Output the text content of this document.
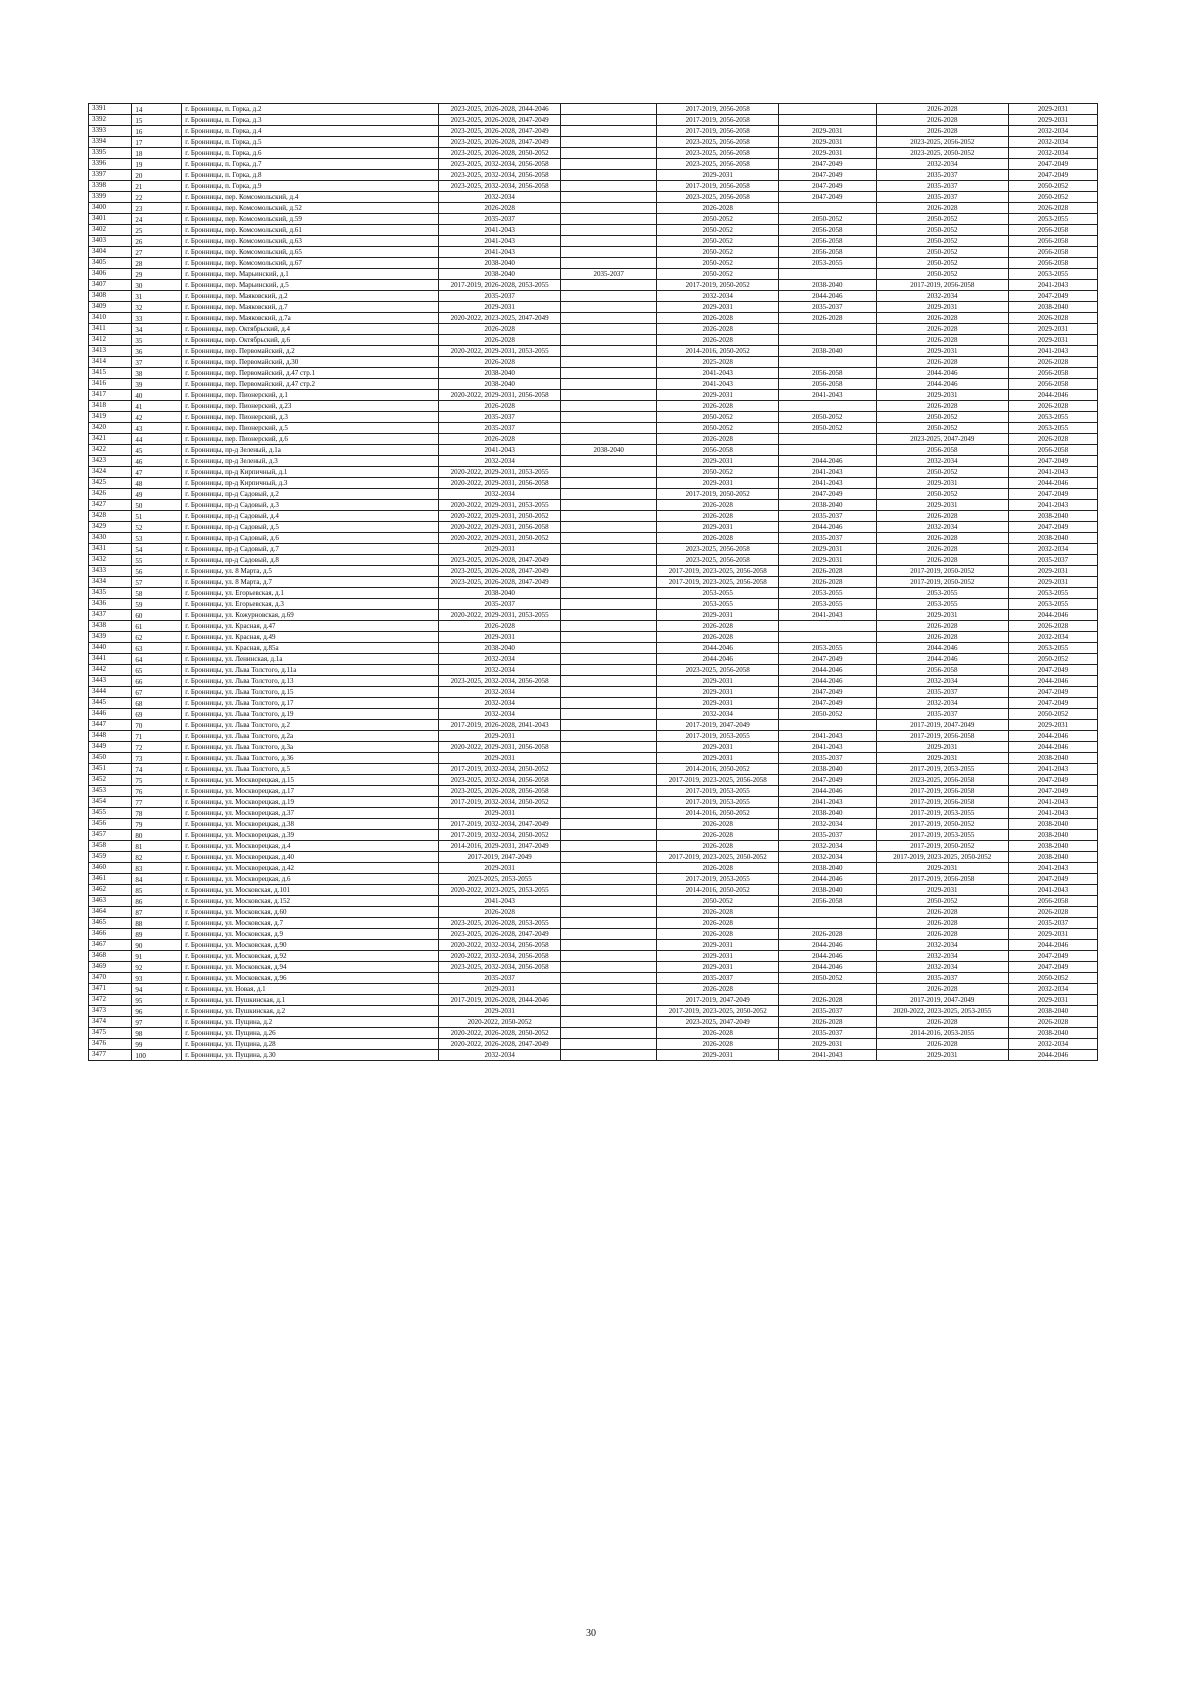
3391	14	г. Бронницы, п. Горка, д.2	2023-2025, 2026-2028, 2044-2046		2017-2019, 2056-2058		2026-2028	2029-2031
3392	15	г. Бронницы, п. Горка, д.3	2023-2025, 2026-2028, 2047-2049		2017-2019, 2056-2058		2026-2028	2029-2031
3393	16	г. Бронницы, п. Горка, д.4	2023-2025, 2026-2028, 2047-2049		2017-2019, 2056-2058	2029-2031	2026-2028	2032-2034
3394	17	г. Бронницы, п. Горка, д.5	2023-2025, 2026-2028, 2047-2049		2023-2025, 2056-2058	2029-2031	2023-2025, 2056-2052	2032-2034
3395	18	г. Бронницы, п. Горка, д.6	2023-2025, 2026-2028, 2050-2052		2023-2025, 2056-2058	2029-2031	2023-2025, 2050-2052	2032-2034
3396	19	г. Бронницы, п. Горка, д.7	2023-2025, 2032-2034, 2056-2058		2023-2025, 2056-2058	2047-2049	2032-2034	2047-2049
3397	20	г. Бронницы, п. Горка, д.8	2023-2025, 2032-2034, 2056-2058		2029-2031	2047-2049	2035-2037	2047-2049
3398	21	г. Бронницы, п. Горка, д.9	2023-2025, 2032-2034, 2056-2058		2017-2019, 2056-2058	2047-2049	2035-2037	2050-2052
3399	22	г. Бронницы, пер. Комсомольский, д.4	2032-2034		2023-2025, 2056-2058	2047-2049	2035-2037	2050-2052
3400	23	г. Бронницы, пер. Комсомольский, д.52	2026-2028		2026-2028		2026-2028	2026-2028
3401	24	г. Бронницы, пер. Комсомольский, д.59	2035-2037		2050-2052	2050-2052	2050-2052	2053-2055
3402	25	г. Бронницы, пер. Комсомольский, д.61	2041-2043		2050-2052	2056-2058	2050-2052	2056-2058
3403	26	г. Бронницы, пер. Комсомольский, д.63	2041-2043		2050-2052	2056-2058	2050-2052	2056-2058
3404	27	г. Бронницы, пер. Комсомольский, д.65	2041-2043		2050-2052	2056-2058	2050-2052	2056-2058
3405	28	г. Бронницы, пер. Комсомольский, д.67	2038-2040		2050-2052	2053-2055	2050-2052	2056-2058
3406	29	г. Бронницы, пер. Марьинский, д.1	2038-2040	2035-2037	2050-2052		2050-2052	2053-2055
3407	30	г. Бронницы, пер. Марьинский, д.5	2017-2019, 2026-2028, 2053-2055		2017-2019, 2050-2052	2038-2040	2017-2019, 2056-2058	2041-2043
3408	31	г. Бронницы, пер. Маяковский, д.2	2035-2037		2032-2034	2044-2046	2032-2034	2047-2049
3409	32	г. Бронницы, пер. Маяковский, д.7	2029-2031		2029-2031	2035-2037	2029-2031	2038-2040
3410	33	г. Бронницы, пер. Маяковский, д.7а	2020-2022, 2023-2025, 2047-2049		2026-2028	2026-2028	2026-2028	2026-2028
3411	34	г. Бронницы, пер. Октябрьский, д.4	2026-2028		2026-2028		2026-2028	2029-2031
3412	35	г. Бронницы, пер. Октябрьский, д.6	2026-2028		2026-2028		2026-2028	2029-2031
3413	36	г. Бронницы, пер. Первомайский, д.2	2020-2022, 2029-2031, 2053-2055		2014-2016, 2050-2052	2038-2040	2029-2031	2041-2043
3414	37	г. Бронницы, пер. Первомайский, д.30	2026-2028		2025-2028		2026-2028	2026-2028
3415	38	г. Бронницы, пер. Первомайский, д.47 стр.1	2038-2040		2041-2043	2056-2058	2044-2046	2056-2058
3416	39	г. Бронницы, пер. Первомайский, д.47 стр.2	2038-2040		2041-2043	2056-2058	2044-2046	2056-2058
3417	40	г. Бронницы, пер. Пионерский, д.1	2020-2022, 2029-2031, 2056-2058		2029-2031	2041-2043	2029-2031	2044-2046
3418	41	г. Бронницы, пер. Пионерский, д.23	2026-2028		2026-2028		2026-2028	2026-2028
3419	42	г. Бронницы, пер. Пионерский, д.3	2035-2037		2050-2052	2050-2052	2050-2052	2053-2055
3420	43	г. Бронницы, пер. Пионерский, д.5	2035-2037		2050-2052	2050-2052	2050-2052	2053-2055
3421	44	г. Бронницы, пер. Пионерский, д.6	2026-2028		2026-2028		2023-2025, 2047-2049	2026-2028
3422	45	г. Бронницы, пр-д Зеленый, д.1а	2041-2043	2038-2040	2056-2058		2056-2058	2056-2058
3423	46	г. Бронницы, пр-д Зеленый, д.3	2032-2034		2029-2031	2044-2046	2032-2034	2047-2049
3424	47	г. Бронницы, пр-д Кирпичный, д.1	2020-2022, 2029-2031, 2053-2055		2050-2052	2041-2043	2050-2052	2041-2043
3425	48	г. Бронницы, пр-д Кирпичный, д.3	2020-2022, 2029-2031, 2056-2058		2029-2031	2041-2043	2029-2031	2044-2046
3426	49	г. Бронницы, пр-д Садовый, д.2	2032-2034		2017-2019, 2050-2052	2047-2049	2050-2052	2047-2049
3427	50	г. Бронницы, пр-д Садовый, д.3	2020-2022, 2029-2031, 2053-2055		2026-2028	2038-2040	2029-2031	2041-2043
3428	51	г. Бронницы, пр-д Садовый, д.4	2020-2022, 2029-2031, 2050-2052		2026-2028	2035-2037	2026-2028	2038-2040
3429	52	г. Бронницы, пр-д Садовый, д.5	2020-2022, 2029-2031, 2056-2058		2029-2031	2044-2046	2032-2034	2047-2049
3430	53	г. Бронницы, пр-д Садовый, д.6	2020-2022, 2029-2031, 2050-2052		2026-2028	2035-2037	2026-2028	2038-2040
3431	54	г. Бронницы, пр-д Садовый, д.7	2029-2031		2023-2025, 2056-2058	2029-2031	2026-2028	2032-2034
3432	55	г. Бронницы, пр-д Садовый, д.8	2023-2025, 2026-2028, 2047-2049		2023-2025, 2056-2058	2029-2031	2026-2028	2035-2037
3433	56	г. Бронницы, ул. 8 Марта, д.5	2023-2025, 2026-2028, 2047-2049		2017-2019, 2023-2025, 2056-2058	2026-2028	2017-2019, 2050-2052	2029-2031
3434	57	г. Бронницы, ул. 8 Марта, д.7	2023-2025, 2026-2028, 2047-2049		2017-2019, 2023-2025, 2056-2058	2026-2028	2017-2019, 2050-2052	2029-2031
3435	58	г. Бронницы, ул. Егорьевская, д.1	2038-2040		2053-2055	2053-2055	2053-2055	2053-2055
3436	59	г. Бронницы, ул. Егорьевская, д.3	2035-2037		2053-2055	2053-2055	2053-2055	2053-2055
3437	60	г. Бронницы, ул. Кожурновская, д.69	2020-2022, 2029-2031, 2053-2055		2029-2031	2041-2043	2029-2031	2044-2046
3438	61	г. Бронницы, ул. Красная, д.47	2026-2028		2026-2028		2026-2028	2026-2028
3439	62	г. Бронницы, ул. Красная, д.49	2029-2031		2026-2028		2026-2028	2032-2034
3440	63	г. Бронницы, ул. Красная, д.85а	2038-2040		2044-2046	2053-2055	2044-2046	2053-2055
3441	64	г. Бронницы, ул. Ленинская, д.1а	2032-2034		2044-2046	2047-2049	2044-2046	2050-2052
3442	65	г. Бронницы, ул. Льва Толстого, д.11а	2032-2034		2023-2025, 2056-2058	2044-2046	2056-2058	2047-2049
3443	66	г. Бронницы, ул. Льва Толстого, д.13	2023-2025, 2032-2034, 2056-2058		2029-2031	2044-2046	2032-2034	2044-2046
3444	67	г. Бронницы, ул. Льва Толстого, д.15	2032-2034		2029-2031	2047-2049	2035-2037	2047-2049
3445	68	г. Бронницы, ул. Льва Толстого, д.17	2032-2034		2029-2031	2047-2049	2032-2034	2047-2049
3446	69	г. Бронницы, ул. Льва Толстого, д.19	2032-2034		2032-2034	2050-2052	2035-2037	2050-2052
3447	70	г. Бронницы, ул. Льва Толстого, д.2	2017-2019, 2026-2028, 2041-2043		2017-2019, 2047-2049		2017-2019, 2047-2049	2029-2031
3448	71	г. Бронницы, ул. Льва Толстого, д.2а	2029-2031		2017-2019, 2053-2055	2041-2043	2017-2019, 2056-2058	2044-2046
3449	72	г. Бронницы, ул. Льва Толстого, д.3а	2020-2022, 2029-2031, 2056-2058		2029-2031	2041-2043	2029-2031	2044-2046
3450	73	г. Бронницы, ул. Льва Толстого, д.36	2029-2031		2029-2031	2035-2037	2029-2031	2038-2040
3451	74	г. Бронницы, ул. Льва Толстого, д.5	2017-2019, 2032-2034, 2050-2052		2014-2016, 2050-2052	2038-2040	2017-2019, 2053-2055	2041-2043
3452	75	г. Бронницы, ул. Москворецкая, д.15	2023-2025, 2032-2034, 2056-2058		2017-2019, 2023-2025, 2056-2058	2047-2049	2023-2025, 2056-2058	2047-2049
3453	76	г. Бронницы, ул. Москворецкая, д.17	2023-2025, 2026-2028, 2056-2058		2017-2019, 2053-2055	2044-2046	2017-2019, 2056-2058	2047-2049
3454	77	г. Бронницы, ул. Москворецкая, д.19	2017-2019, 2032-2034, 2050-2052		2017-2019, 2053-2055	2041-2043	2017-2019, 2056-2058	2041-2043
3455	78	г. Бронницы, ул. Москворецкая, д.37	2029-2031		2014-2016, 2050-2052	2038-2040	2017-2019, 2053-2055	2041-2043
3456	79	г. Бронницы, ул. Москворецкая, д.38	2017-2019, 2032-2034, 2047-2049		2026-2028	2032-2034	2017-2019, 2050-2052	2038-2040
3457	80	г. Бронницы, ул. Москворецкая, д.39	2017-2019, 2032-2034, 2050-2052		2026-2028	2035-2037	2017-2019, 2053-2055	2038-2040
3458	81	г. Бронницы, ул. Москворецкая, д.4	2014-2016, 2029-2031, 2047-2049		2026-2028	2032-2034	2017-2019, 2050-2052	2038-2040
3459	82	г. Бронницы, ул. Москворецкая, д.40	2017-2019, 2047-2049		2017-2019, 2023-2025, 2050-2052	2032-2034	2017-2019, 2023-2025, 2050-2052	2038-2040
3460	83	г. Бронницы, ул. Москворецкая, д.42	2029-2031		2026-2028	2038-2040	2029-2031	2041-2043
3461	84	г. Бронницы, ул. Москворецкая, д.6	2023-2025, 2053-2055		2017-2019, 2053-2055	2044-2046	2017-2019, 2056-2058	2047-2049
3462	85	г. Бронницы, ул. Московская, д.101	2020-2022, 2023-2025, 2053-2055		2014-2016, 2050-2052	2038-2040	2029-2031	2041-2043
3463	86	г. Бронницы, ул. Московская, д.152	2041-2043		2050-2052	2056-2058	2050-2052	2056-2058
3464	87	г. Бронницы, ул. Московская, д.60	2026-2028		2026-2028		2026-2028	2026-2028
3465	88	г. Бронницы, ул. Московская, д.7	2023-2025, 2026-2028, 2053-2055		2026-2028		2026-2028	2035-2037
3466	89	г. Бронницы, ул. Московская, д.9	2023-2025, 2026-2028, 2047-2049		2026-2028	2026-2028	2026-2028	2029-2031
3467	90	г. Бронницы, ул. Московская, д.90	2020-2022, 2032-2034, 2056-2058		2029-2031	2044-2046	2032-2034	2044-2046
3468	91	г. Бронницы, ул. Московская, д.92	2020-2022, 2032-2034, 2056-2058		2029-2031	2044-2046	2032-2034	2047-2049
3469	92	г. Бронницы, ул. Московская, д.94	2023-2025, 2032-2034, 2056-2058		2029-2031	2044-2046	2032-2034	2047-2049
3470	93	г. Бронницы, ул. Московская, д.96	2035-2037		2035-2037	2050-2052	2035-2037	2050-2052
3471	94	г. Бронницы, ул. Новая, д.1	2029-2031		2026-2028		2026-2028	2032-2034
3472	95	г. Бронницы, ул. Пушкинская, д.1	2017-2019, 2026-2028, 2044-2046		2017-2019, 2047-2049	2026-2028	2017-2019, 2047-2049	2029-2031
3473	96	г. Бронницы, ул. Пушкинская, д.2	2029-2031		2017-2019, 2023-2025, 2050-2052	2035-2037	2020-2022, 2023-2025, 2053-2055	2038-2040
3474	97	г. Бронницы, ул. Пущина, д.2	2020-2022, 2050-2052		2023-2025, 2047-2049	2026-2028	2026-2028	2026-2028
3475	98	г. Бронницы, ул. Пущина, д.26	2020-2022, 2026-2028, 2050-2052		2026-2028	2035-2037	2014-2016, 2053-2055	2038-2040
3476	99	г. Бронницы, ул. Пущина, д.28	2020-2022, 2026-2028, 2047-2049		2026-2028	2029-2031	2026-2028	2032-2034
3477	100	г. Бронницы, ул. Пущина, д.30	2032-2034		2029-2031	2041-2043	2029-2031	2044-2046
30
